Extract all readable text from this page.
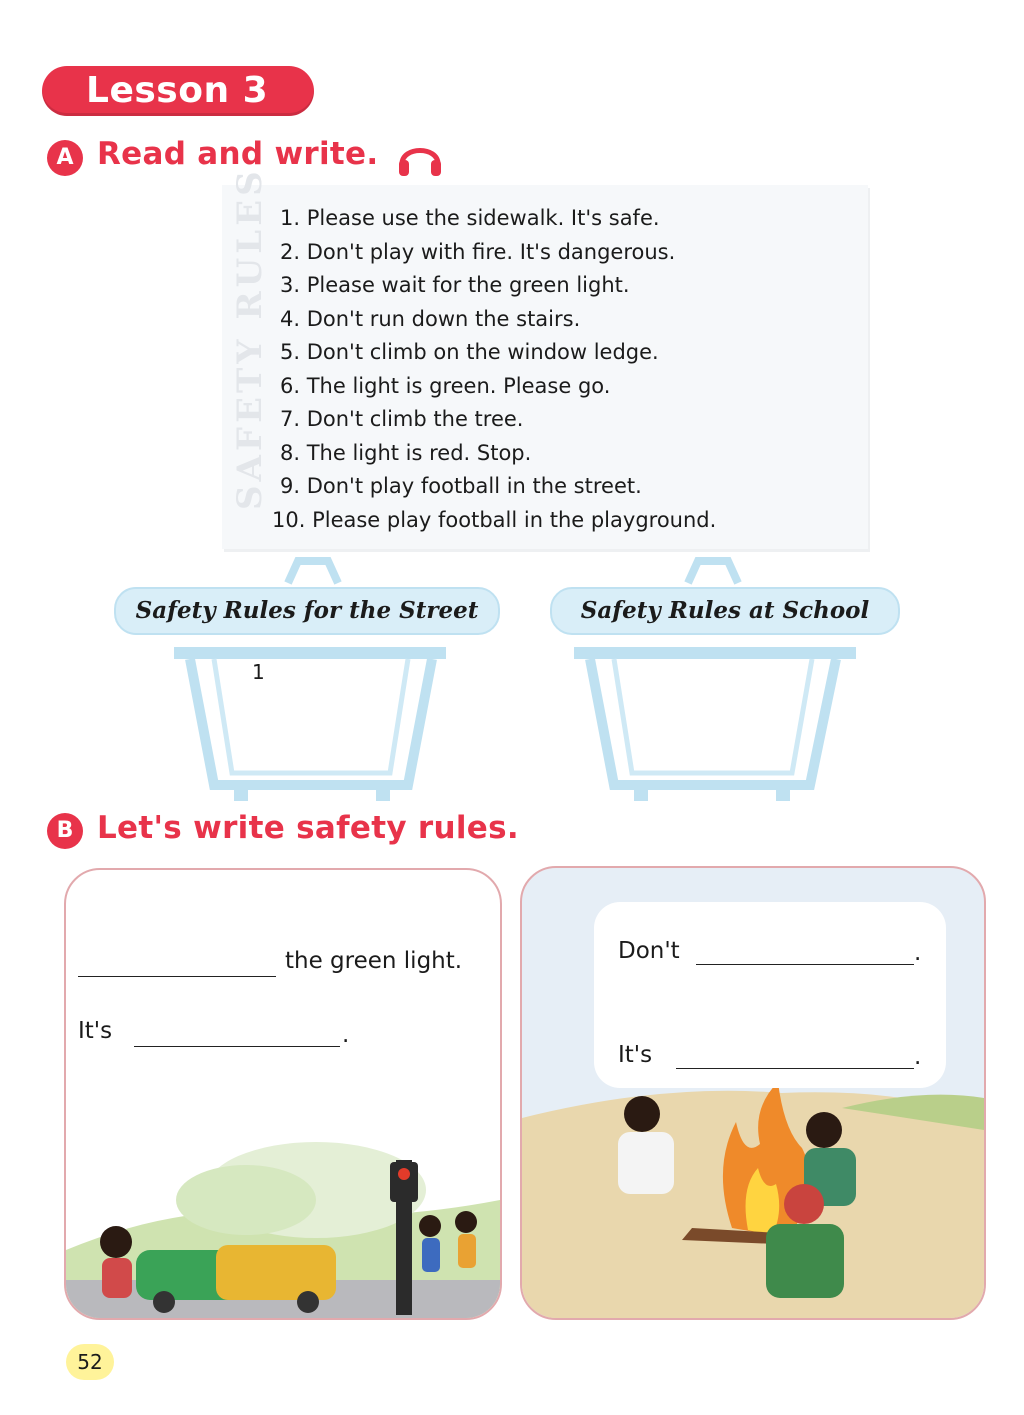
Lesson 3
A Read and write.
SAFETY RULES 1. Please use the sidewalk. It's safe.
2. Don't play with fire. It's dangerous.
3. Please wait for the green light.
4. Don't run down the stairs.
5. Don't climb on the window ledge.
6. The light is green. Please go.
7. Don't climb the tree.
8. The light is red. Stop.
9. Don't play football in the street.
10. Please play football in the playground.
Safety Rules for the Street
1
Safety Rules at School
B Let's write safety rules.
the green light.
It's	.
Don't	.
It's	.
52
